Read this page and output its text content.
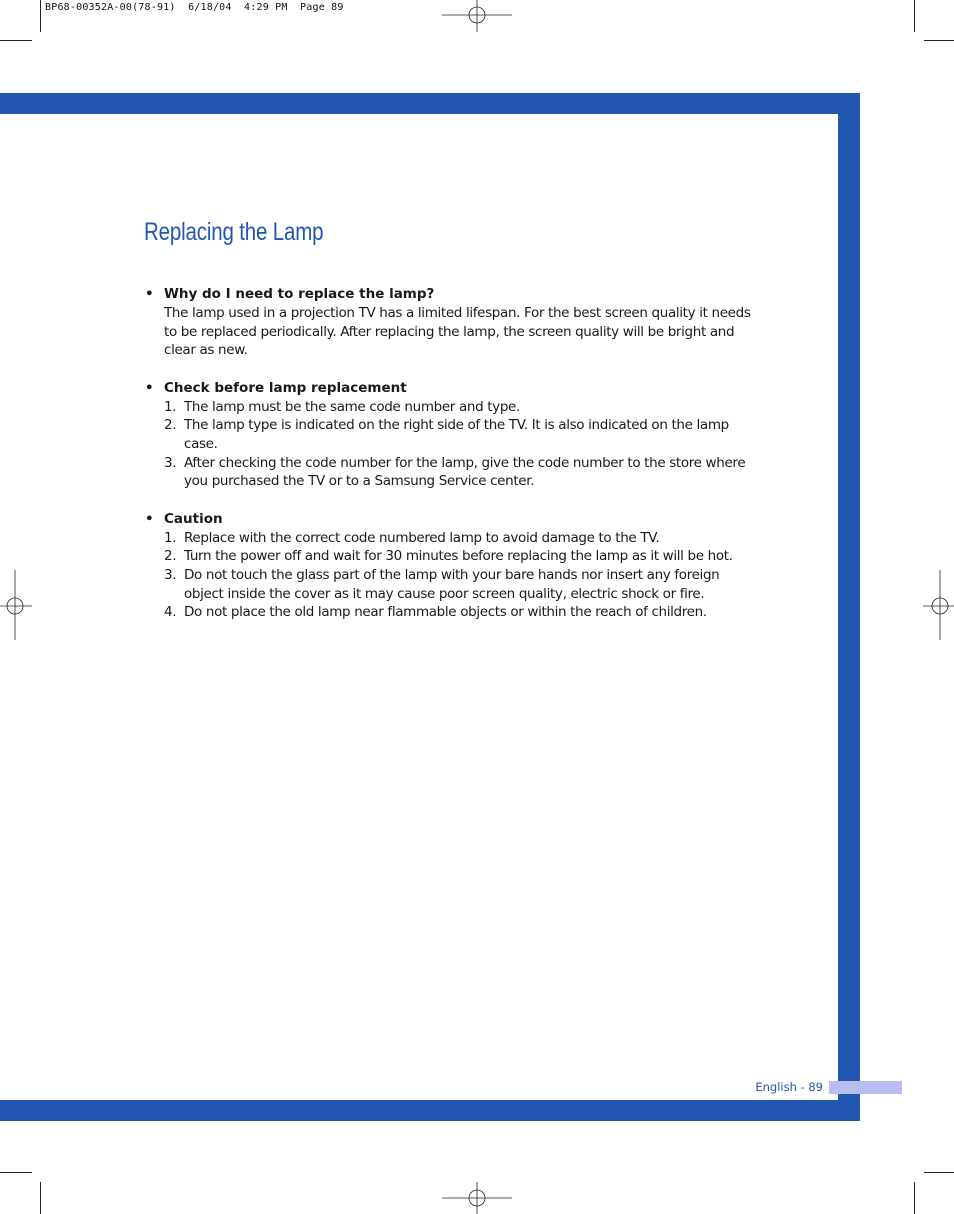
BP68-00352A-00(78-91)  6/18/04  4:29 PM  Page 89
Replacing the Lamp
• Why do I need to replace the lamp?

The lamp used in a projection TV has a limited lifespan. For the best screen quality it needs to be replaced periodically. After replacing the lamp, the screen quality will be bright and clear as new.

• Check before lamp replacement
1. The lamp must be the same code number and type.
2. The lamp type is indicated on the right side of the TV. It is also indicated on the lamp case.
3. After checking the code number for the lamp, give the code number to the store where you purchased the TV or to a Samsung Service center.
• Caution
1. Replace with the correct code numbered lamp to avoid damage to the TV.
2. Turn the power off and wait for 30 minutes before replacing the lamp as it will be hot.
3. Do not touch the glass part of the lamp with your bare hands nor insert any foreign object inside the cover as it may cause poor screen quality, electric shock or fire.
4. Do not place the old lamp near flammable objects or within the reach of children.
English - 89
